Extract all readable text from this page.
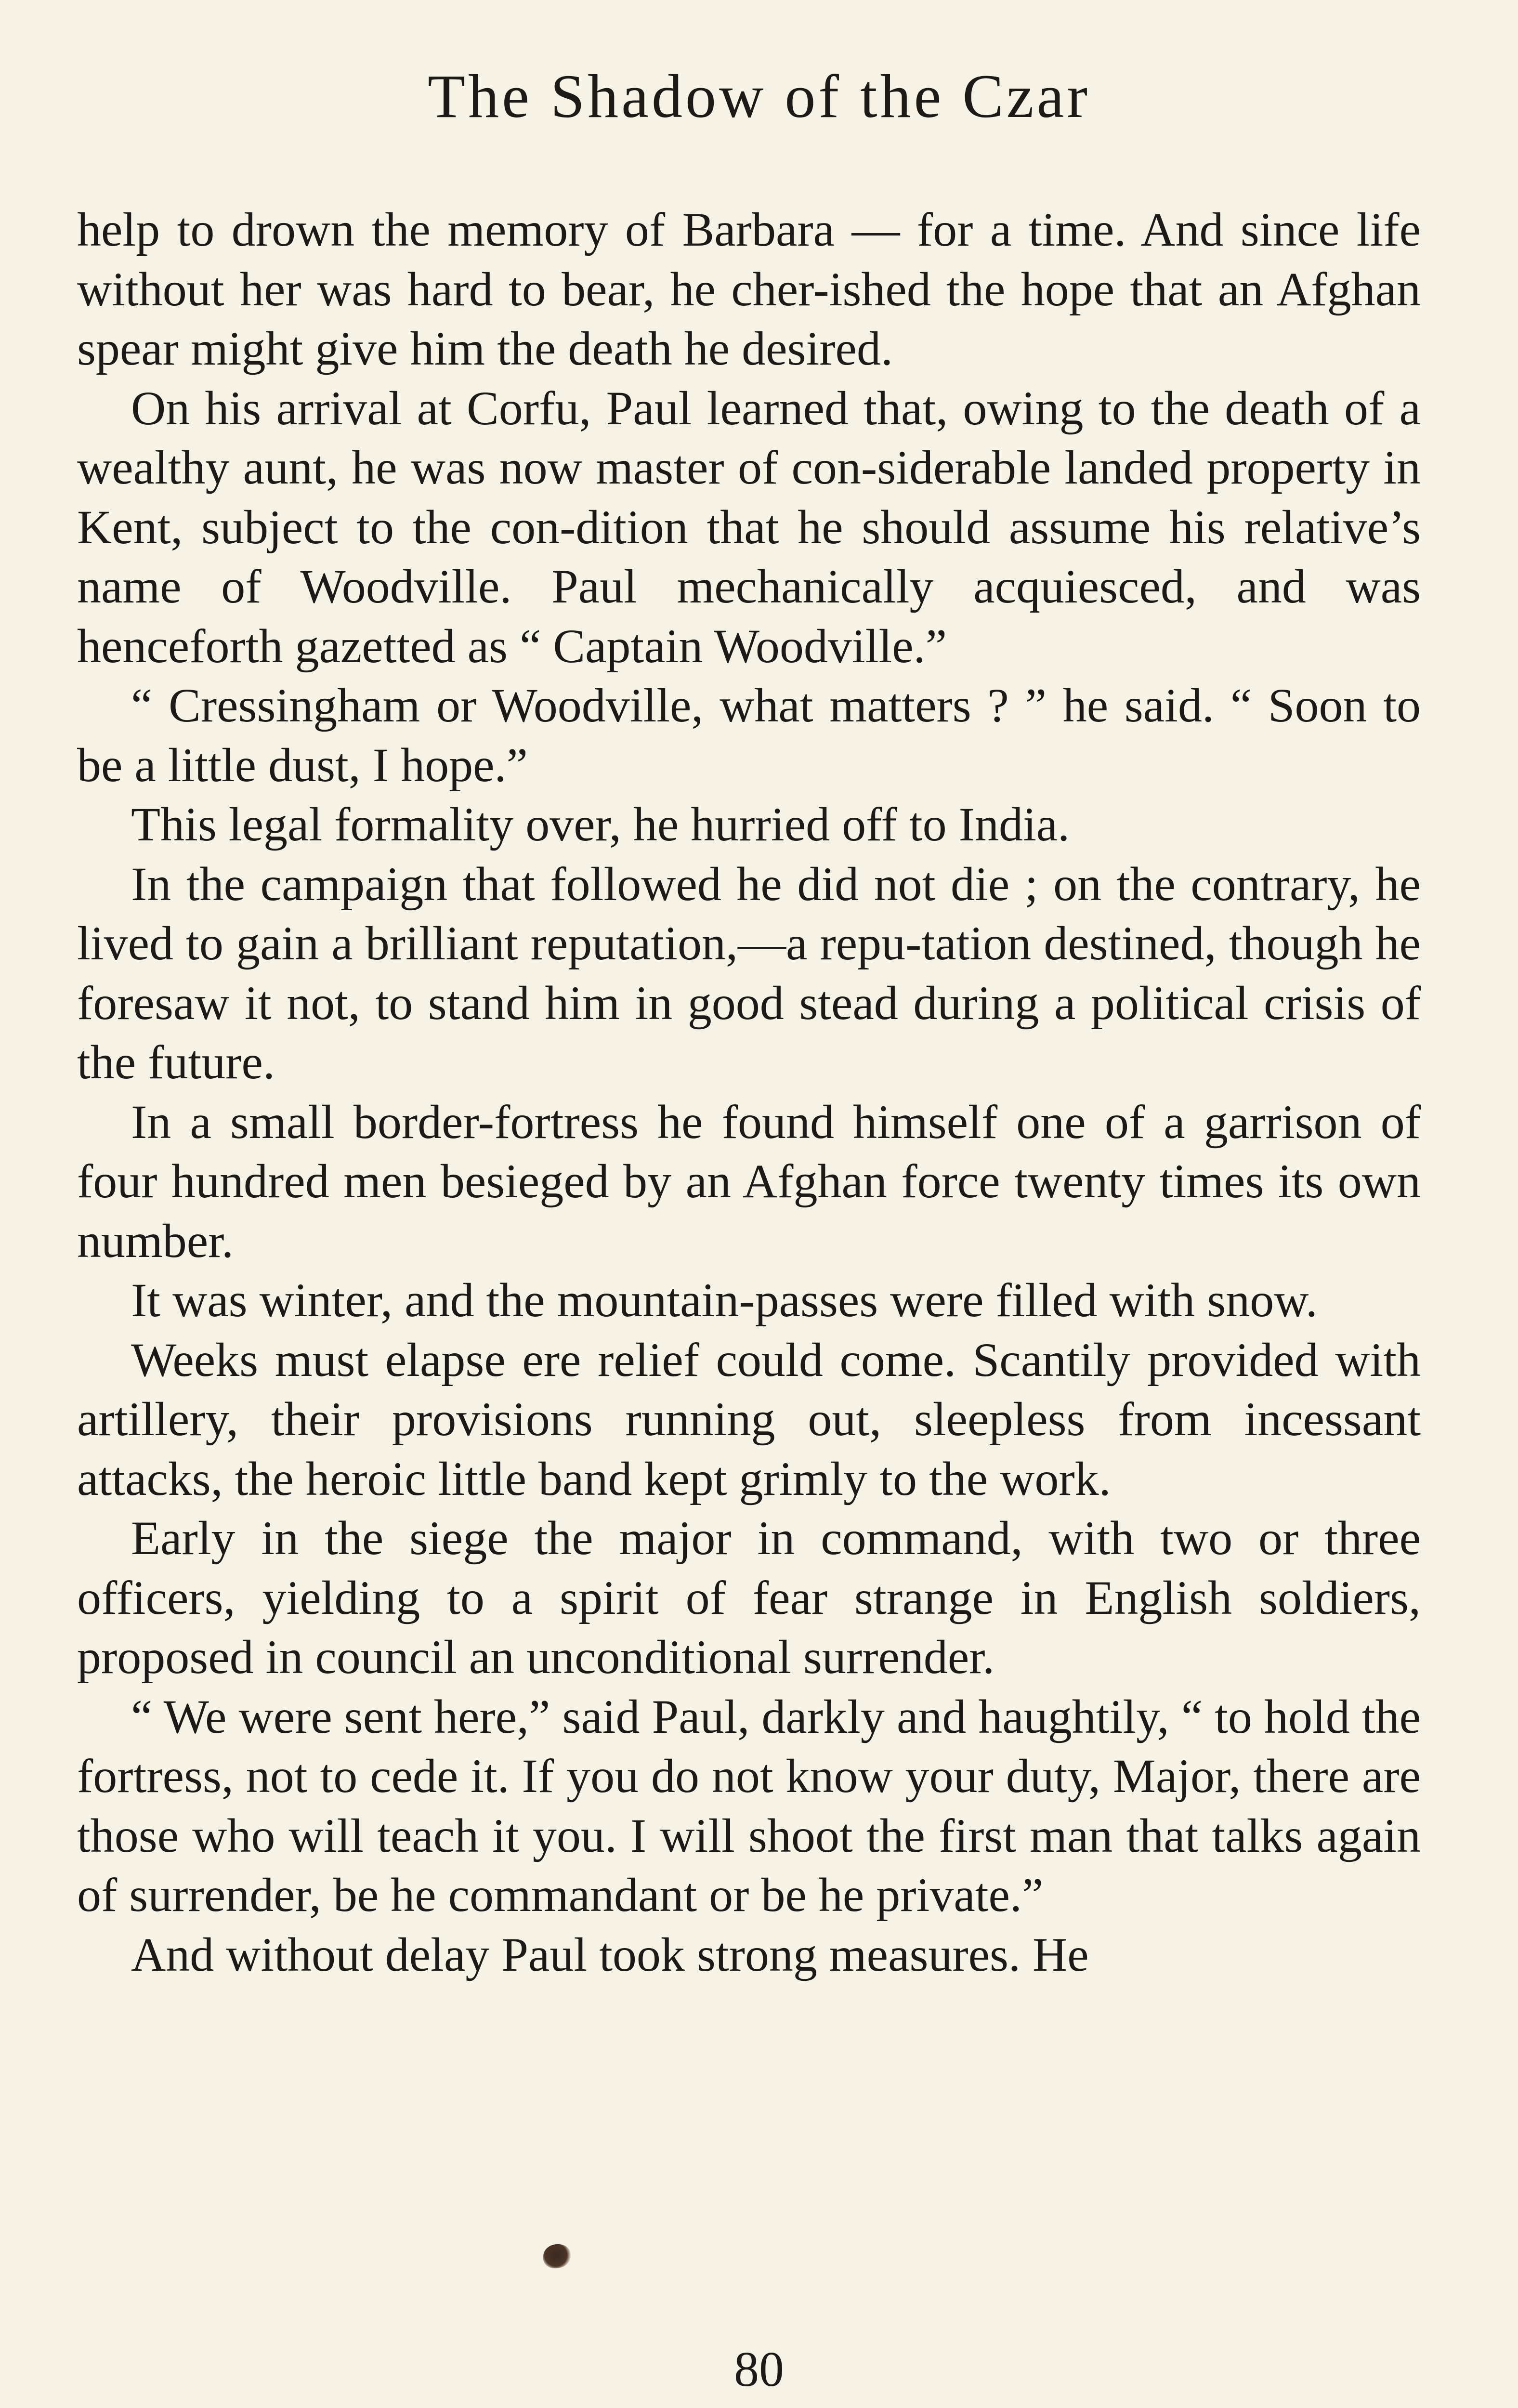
The Shadow of the Czar

help to drown the memory of Barbara — for a time. And since life without her was hard to bear, he cher-ished the hope that an Afghan spear might give him the death he desired.

On his arrival at Corfu, Paul learned that, owing to the death of a wealthy aunt, he was now master of con-siderable landed property in Kent, subject to the con-dition that he should assume his relative’s name of Woodville. Paul mechanically acquiesced, and was henceforth gazetted as “ Captain Woodville.”

“ Cressingham or Woodville, what matters ? ” he said. “ Soon to be a little dust, I hope.”

This legal formality over, he hurried off to India.

In the campaign that followed he did not die ; on the contrary, he lived to gain a brilliant reputation,—a repu-tation destined, though he foresaw it not, to stand him in good stead during a political crisis of the future.

In a small border-fortress he found himself one of a garrison of four hundred men besieged by an Afghan force twenty times its own number.

It was winter, and the mountain-passes were filled with snow.

Weeks must elapse ere relief could come. Scantily provided with artillery, their provisions running out, sleepless from incessant attacks, the heroic little band kept grimly to the work.

Early in the siege the major in command, with two or three officers, yielding to a spirit of fear strange in English soldiers, proposed in council an unconditional surrender.

“ We were sent here,” said Paul, darkly and haughtily, “ to hold the fortress, not to cede it. If you do not know your duty, Major, there are those who will teach it you. I will shoot the first man that talks again of surrender, be he commandant or be he private.”

And without delay Paul took strong measures. He

80
